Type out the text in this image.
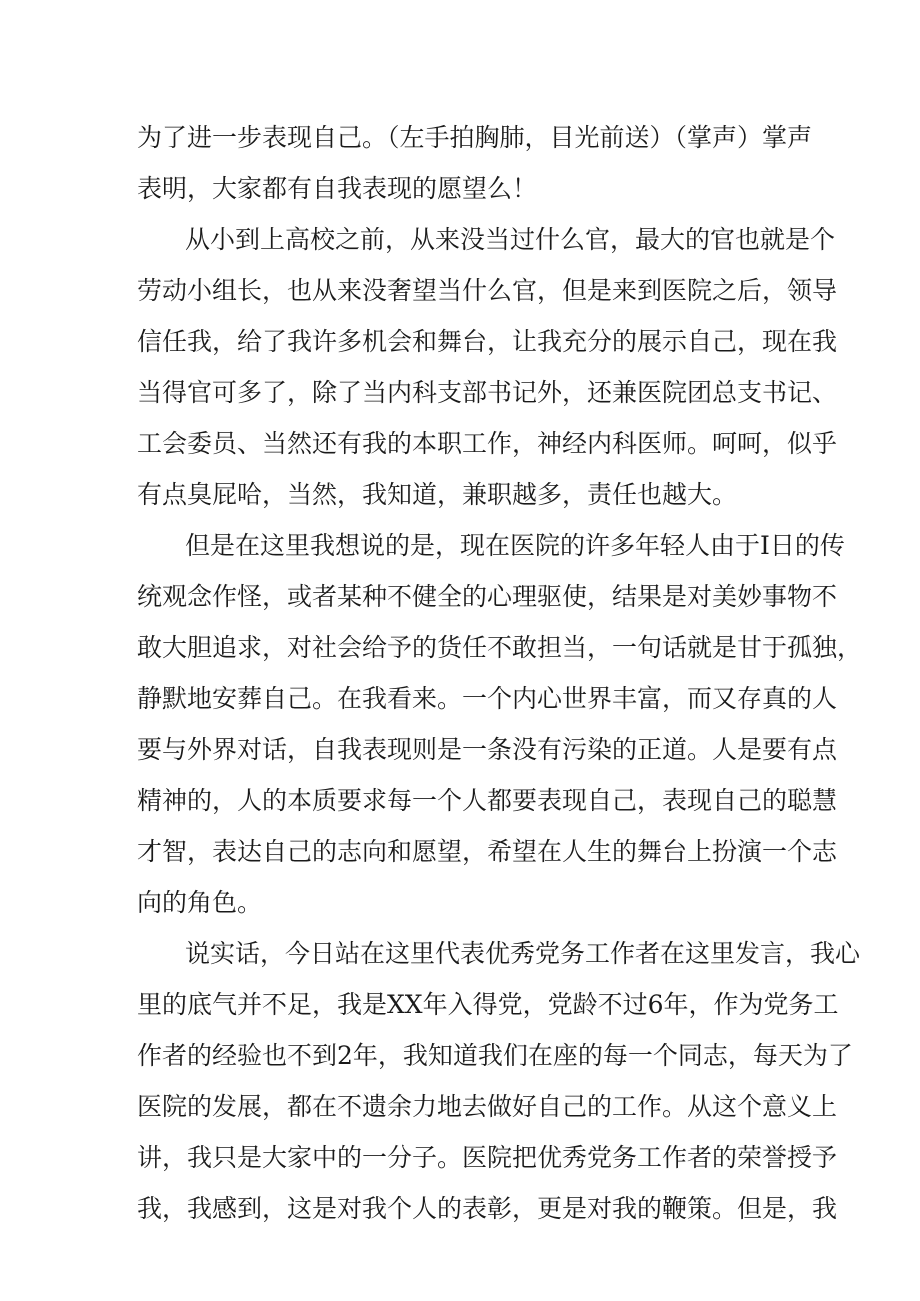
为了进一步表现自己。（左手拍胸肺，目光前送）（掌声）掌声
表明，大家都有自我表现的愿望么！
从小到上高校之前，从来没当过什么官，最大的官也就是个
劳动小组长，也从来没奢望当什么官，但是来到医院之后，领导
信任我，给了我许多机会和舞台，让我充分的展示自己，现在我
当得官可多了，除了当内科支部书记外，还兼医院团总支书记、
工会委员、当然还有我的本职工作，神经内科医师。呵呵，似乎
有点臭屁哈，当然，我知道，兼职越多，责任也越大。
但是在这里我想说的是，现在医院的许多年轻人由于I日的传
统观念作怪，或者某种不健全的心理驱使，结果是对美妙事物不
敢大胆追求，对社会给予的货任不敢担当，一句话就是甘于孤独，
静默地安葬自己。在我看来。一个内心世界丰富，而又存真的人
要与外界对话，自我表现则是一条没有污染的正道。人是要有点
精神的，人的本质要求每一个人都要表现自己，表现自己的聪慧
才智，表达自己的志向和愿望，希望在人生的舞台上扮演一个志
向的角色。
说实话，今日站在这里代表优秀党务工作者在这里发言，我心
里的底气并不足，我是XX年入得党，党龄不过6年，作为党务工
作者的经验也不到2年，我知道我们在座的每一个同志，每天为了
医院的发展，都在不遗余力地去做好自己的工作。从这个意义上
讲，我只是大家中的一分子。医院把优秀党务工作者的荣誉授予
我，我感到，这是对我个人的表彰，更是对我的鞭策。但是，我
